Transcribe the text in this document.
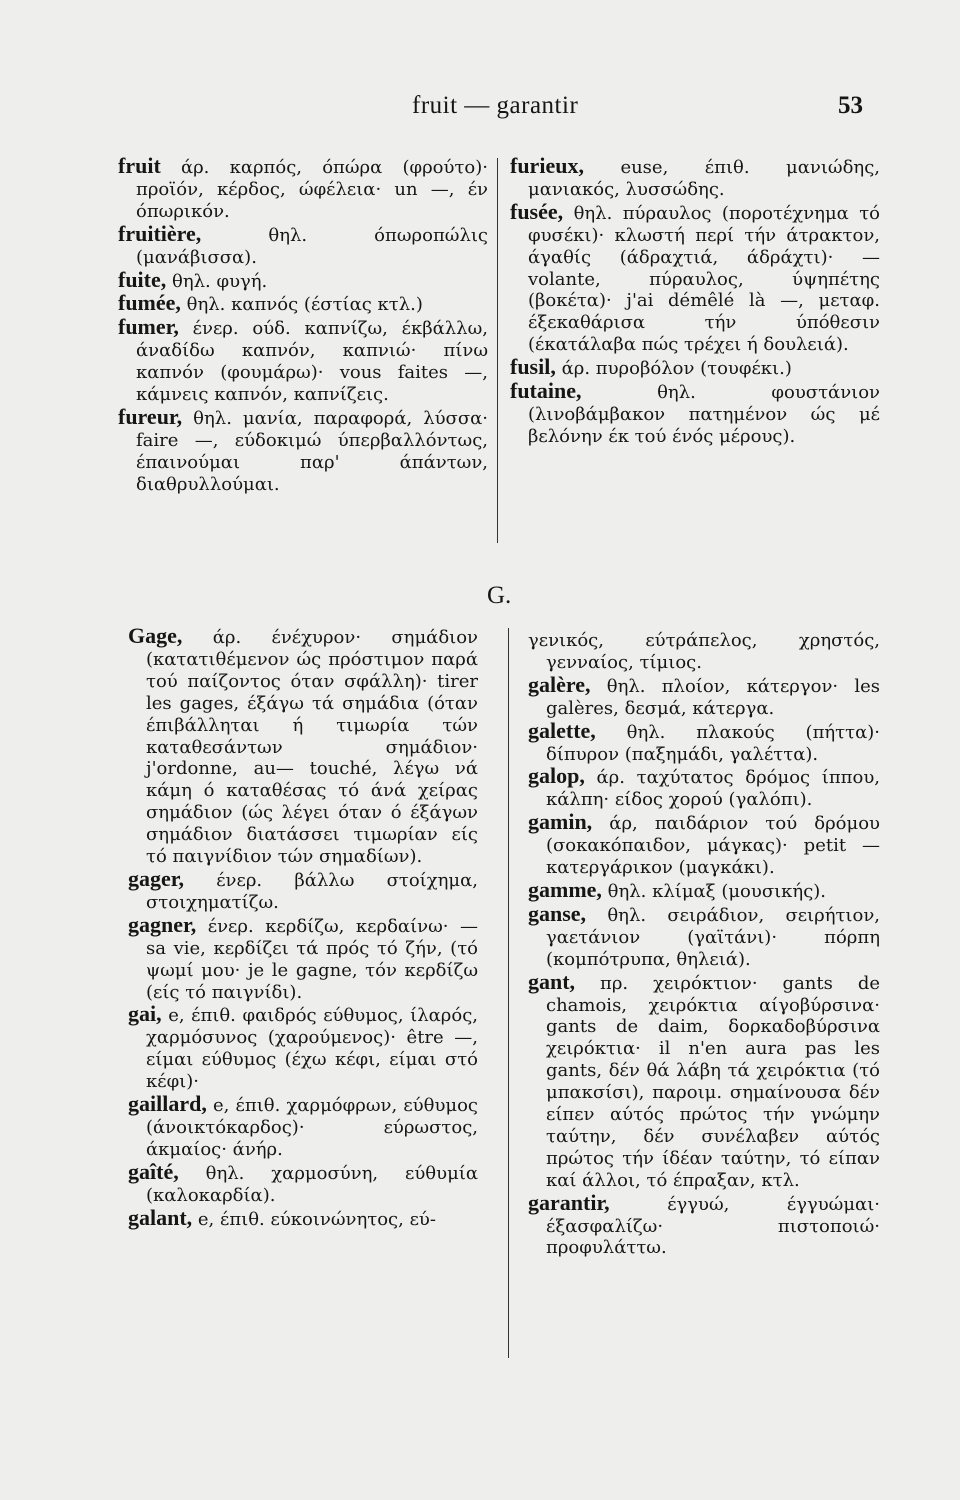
fruit — garantir	53

fruit άρ. καρπός, όπώρα (φρούτο)· προϊόν, κέρδος, ώφέλεια· un —, έν όπωρικόν.

fruitière, θηλ. όπωροπώλις (μανάβισσα).

fuite, θηλ. φυγή.

fumée, θηλ. καπνός (έστίας κτλ.)

fumer, ένερ. ούδ. καπνίζω, έκβάλλω, άναδίδω καπνόν, καπνιώ· πίνω καπνόν (φουμάρω)· vous faites —, κάμνεις καπνόν, καπνίζεις.

fureur, θηλ. μανία, παραφορά, λύσσα· faire —, εύδοκιμώ ύπερβαλλόντως, έπαινούμαι παρ' άπάντων, διαθρυλλούμαι.

furieux, euse, έπιθ. μανιώδης, μανιακός, λυσσώδης.

fusée, θηλ. πύραυλος (ποροτέχνημα τό φυσέκι)· κλωστή περί τήν άτρακτον, άγαθίς (άδραχτιά, άδράχτι)· — volante, πύραυλος, ύψηπέτης (βοκέτα)· j'ai démêlé là —, μεταφ. έξεκαθάρισα τήν ύπόθεσιν (έκατάλαβα πώς τρέχει ή δουλειά).

fusil, άρ. πυροβόλον (τουφέκι.)

futaine, θηλ. φουστάνιον (λινοβάμβακον πατημένον ώς μέ βελόνην έκ τού ένός μέρους).

G.

Gage, άρ. ένέχυρον· σημάδιον (κατατιθέμενον ώς πρόστιμον παρά τού παίζοντος όταν σφάλλη)· tirer les gages, έξάγω τά σημάδια (όταν έπιβάλληται ή τιμωρία τών καταθεσάντων σημάδιον· j'ordonne, au— touché, λέγω νά κάμη ό καταθέσας τό άνά χείρας σημάδιον (ώς λέγει όταν ό έξάγων σημάδιον διατάσσει τιμωρίαν είς τό παιγνίδιον τών σημαδίων).

gager, ένερ. βάλλω στοίχημα, στοιχηματίζω.

gagner, ένερ. κερδίζω, κερδαίνω· — sa vie, κερδίζει τά πρός τό ζήν, (τό ψωμί μου· je le gagne, τόν κερδίζω (είς τό παιγνίδι).

gai, e, έπιθ. φαιδρός εύθυμος, ίλαρός, χαρμόσυνος (χαρούμενος)· être —, είμαι εύθυμος (έχω κέφι, είμαι στό κέφι)·

gaillard, e, έπιθ. χαρμόφρων, εύθυμος (άνοικτόκαρδος)· εύρωστος, άκμαίος· άνήρ.

gaîté, θηλ. χαρμοσύνη, εύθυμία (καλοκαρδία).

galant, e, έπιθ. εύκοινώνητος, εύ-

γενικός, εύτράπελος, χρηστός, γενναίος, τίμιος.

galère, θηλ. πλοίον, κάτεργον· les galères, δεσμά, κάτεργα.

galette, θηλ. πλακούς (πήττα)· δίπυρον (παξημάδι, γαλέττα).

galop, άρ. ταχύτατος δρόμος ίππου, κάλπη· είδος χορού (γαλόπι).

gamin, άρ, παιδάριον τού δρόμου (σοκακόπαιδον, μάγκας)· petit — κατεργάρικον (μαγκάκι).

gamme, θηλ. κλίμαξ (μουσικής).

ganse, θηλ. σειράδιον, σειρήτιον, γαετάνιον (γαϊτάνι)· πόρπη (κομπότρυπα, θηλειά).

gant, πρ. χειρόκτιον· gants de chamois, χειρόκτια αίγοβύρσινα· gants de daim, δορκαδοβύρσινα χειρόκτια· il n'en aura pas les gants, δέν θά λάβη τά χειρόκτια (τό μπακσίσι), παροιμ. σημαίνουσα δέν είπεν αύτός πρώτος τήν γνώμην ταύτην, δέν συνέλαβεν αύτός πρώτος τήν ίδέαν ταύτην, τό είπαν καί άλλοι, τό έπραξαν, κτλ.

garantir, έγγυώ, έγγυώμαι· έξασφαλίζω· πιστοποιώ· προφυλάττω.
